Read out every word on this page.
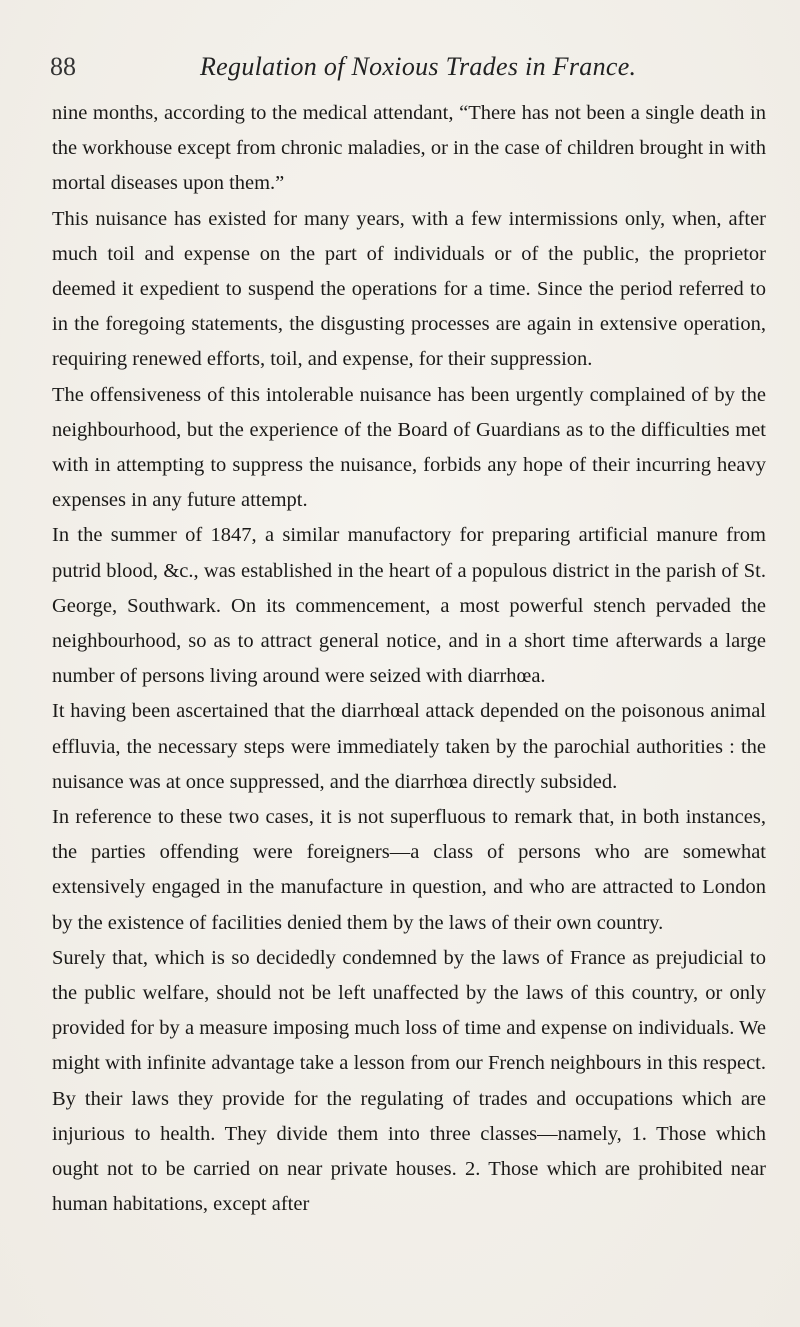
88	Regulation of Noxious Trades in France.

nine months, according to the medical attendant, “There has not been a single death in the workhouse except from chronic maladies, or in the case of children brought in with mortal diseases upon them.”

This nuisance has existed for many years, with a few intermissions only, when, after much toil and expense on the part of individuals or of the public, the proprietor deemed it expedient to suspend the operations for a time. Since the period referred to in the foregoing statements, the disgusting processes are again in extensive operation, requiring renewed efforts, toil, and expense, for their suppression.

The offensiveness of this intolerable nuisance has been urgently complained of by the neighbourhood, but the experience of the Board of Guardians as to the difficulties met with in attempting to suppress the nuisance, forbids any hope of their incurring heavy expenses in any future attempt.

In the summer of 1847, a similar manufactory for preparing artificial manure from putrid blood, &c., was established in the heart of a populous district in the parish of St. George, Southwark. On its commencement, a most powerful stench pervaded the neighbourhood, so as to attract general notice, and in a short time afterwards a large number of persons living around were seized with diarrhœa.

It having been ascertained that the diarrhœal attack depended on the poisonous animal effluvia, the necessary steps were immediately taken by the parochial authorities : the nuisance was at once suppressed, and the diarrhœa directly subsided.

In reference to these two cases, it is not superfluous to remark that, in both instances, the parties offending were foreigners—a class of persons who are somewhat extensively engaged in the manufacture in question, and who are attracted to London by the existence of facilities denied them by the laws of their own country.

Surely that, which is so decidedly condemned by the laws of France as prejudicial to the public welfare, should not be left unaffected by the laws of this country, or only provided for by a measure imposing much loss of time and expense on individuals. We might with infinite advantage take a lesson from our French neighbours in this respect. By their laws they provide for the regulating of trades and occupations which are injurious to health. They divide them into three classes—namely, 1. Those which ought not to be carried on near private houses. 2. Those which are prohibited near human habitations, except after
